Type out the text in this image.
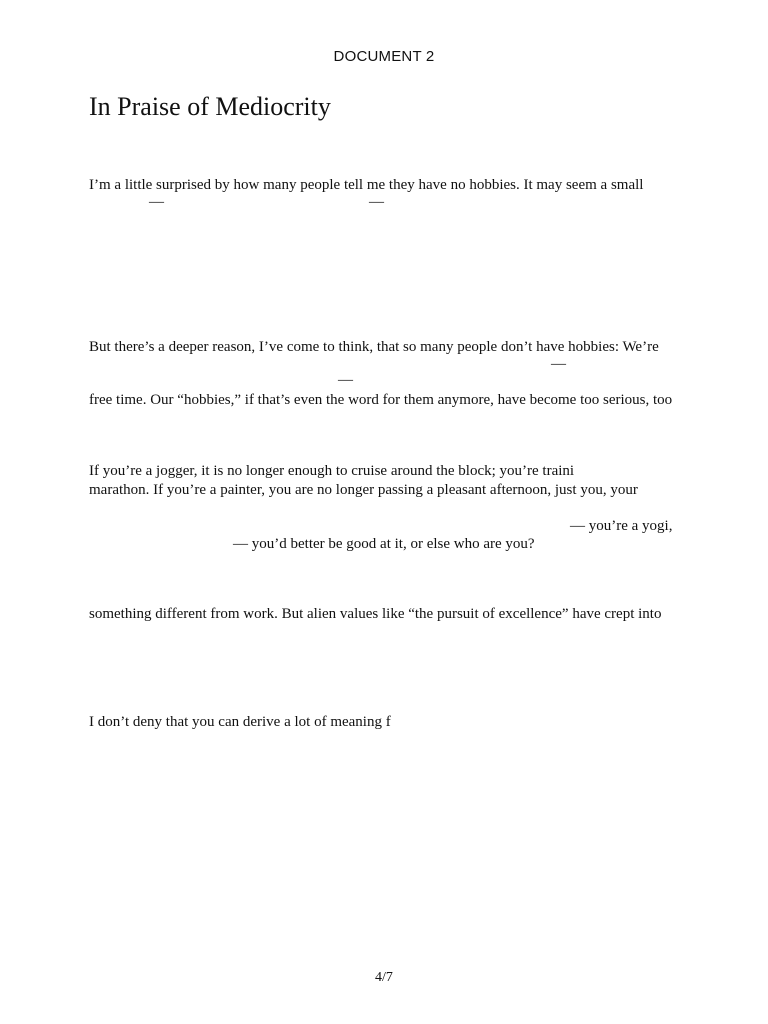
DOCUMENT 2
In Praise of Mediocrity
I’m a little surprised by how many people tell me they have no hobbies. It may seem a small
—	—
But there’s a deeper reason, I’ve come to think, that so many people don’t have hobbies: We’re
—
—
free time. Our “hobbies,” if that’s even the word for them anymore, have become too serious, too
If you’re a jogger, it is no longer enough to cruise around the block; you’re traini
marathon. If you’re a painter, you are no longer passing a pleasant afternoon, just you, your
— you’re a yogi,
— you’d better be good at it, or else who are you?
something different from work. But alien values like “the pursuit of excellence” have crept into
I don’t deny that you can derive a lot of meaning f
4/7
